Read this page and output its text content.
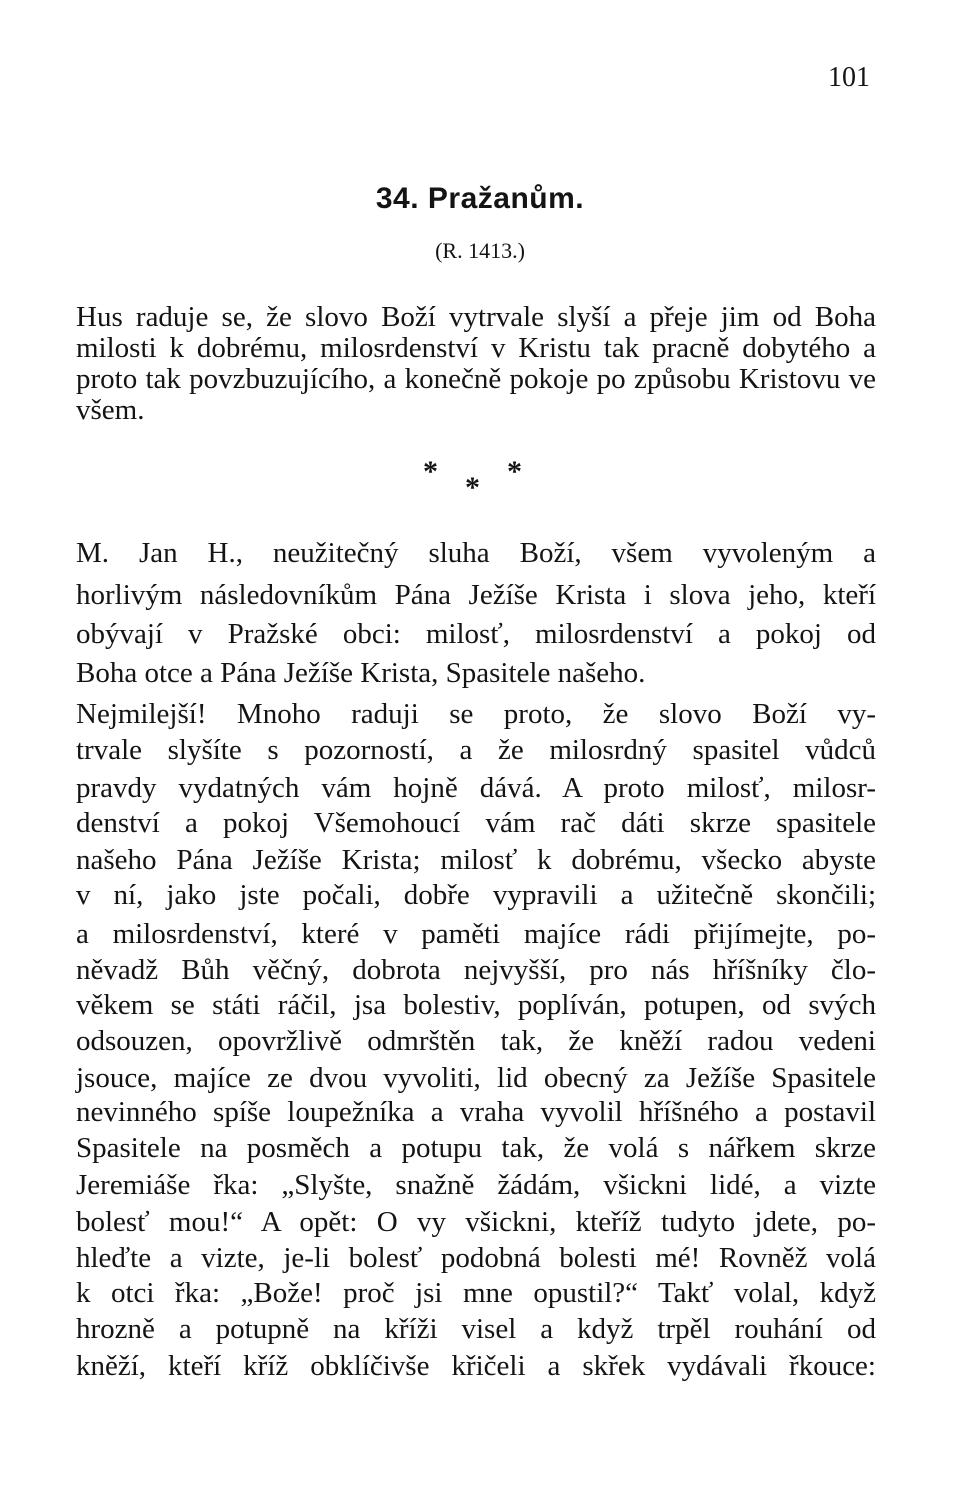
101
34. Pražanům.
(R. 1413.)
Hus raduje se, že slovo Boží vytrvale slyší a přeje jim od Boha milosti k dobrému, milosrdenství v Kristu tak pracně dobytého a proto tak povzbuzujícího, a konečně pokoje po způsobu Kristovu ve všem.
* *
*
M. Jan H., neužitečný sluha Boží, všem vyvoleným a
horlivým následovníkům Pána Ježíše Krista i slova jeho, kteří
obývají v Pražské obci: milosť, milosrdenství a pokoj od
Boha otce a Pána Ježíše Krista, Spasitele našeho.
Nejmilejší! Mnoho raduji se proto, že slovo Boží vy-
trvale slyšíte s pozorností, a že milosrdný spasitel vůdců
pravdy vydatných vám hojně dává. A proto milosť, milosr-
denství a pokoj Všemohoucí vám rač dáti skrze spasitele
našeho Pána Ježíše Krista; milosť k dobrému, všecko abyste
v ní, jako jste počali, dobře vypravili a užitečně skončili;
a milosrdenství, které v paměti majíce rádi přijímejte, po-
něvadž Bůh věčný, dobrota nejvyšší, pro nás hříšníky člo-
věkem se státi ráčil, jsa bolestiv, poplíván, potupen, od svých
odsouzen, opovržlivě odmrštěn tak, že kněží radou vedeni
jsouce, majíce ze dvou vyvoliti, lid obecný za Ježíše Spasitele
nevinného spíše loupežníka a vraha vyvolil hříšného a postavil
Spasitele na posměch a potupu tak, že volá s nářkem skrze
Jeremiáše řka: „Slyšte, snažně žádám, všickni lidé, a vizte
bolesť mou!“ A opět: O vy všickni, kteříž tudyto jdete, po-
hleďte a vizte, je-li bolesť podobná bolesti mé! Rovněž volá
k otci řka: „Bože! proč jsi mne opustil?“ Takť volal, když
hrozně a potupně na kříži visel a když trpěl rouhání od
kněží, kteří kříž obklíčivše křičeli a skřek vydávali řkouce:
